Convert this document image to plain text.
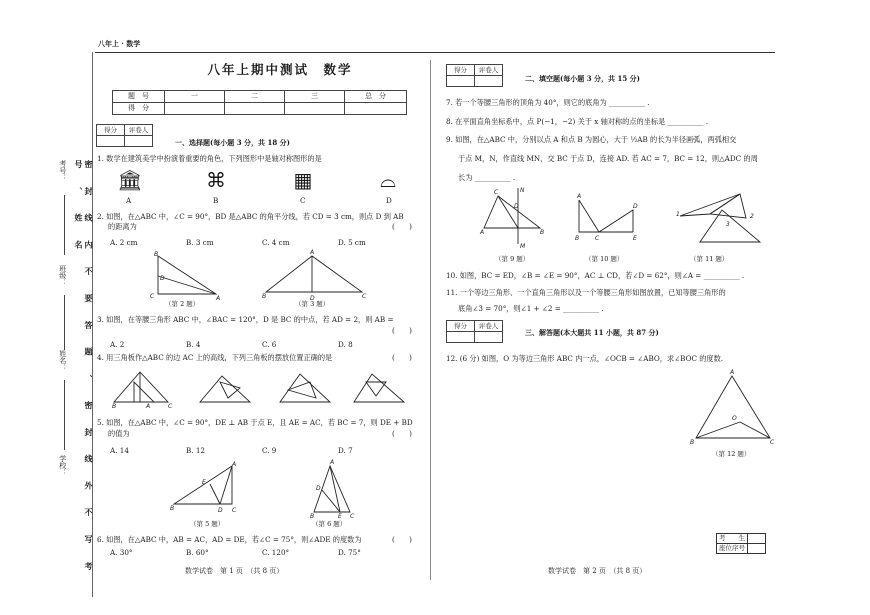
八年上 · 数学
考号：
班级：
姓名：
学校：	密 封 线 内 不 要 答 题 、 密 封 线 外 不 写 考 号 、 姓 名
八年上期中测试　数学
题　号	一	二	三	总　分
得　分				
得分	评卷人

一、选择题(每小题 3 分，共 18 分)
1. 数学在建筑美学中扮演着重要的角色，下列图形中是轴对称图形的是
🏛	⌘	▦	⌓
A	B	C	D
2. 如图，在△ABC 中，∠C = 90°，BD 是△ABC 的角平分线，若 CD = 3 cm，则点 D 到 AB
的距离为	(　　)
A. 2 cm	B. 3 cm	C. 4 cm	D. 5 cm
B
C	A
D
（第 2 题）
A
B	D	C
（第 3 题）
3. 如图，在等腰三角形 ABC 中，∠BAC = 120°，D 是 BC 的中点，若 AD = 2，则 AB =
(　　)
A. 2	B. 4	C. 6	D. 8
4. 用三角板作△ABC 的边 AC 上的高线，下列三角板的摆放位置正确的是	(　　)
B	C
A
5. 如图，在△ABC 中，∠C = 90°，DE ⊥ AB 于点 E，且 AE = AC，若 BC = 7，则 DE + BD
的值为	(　　)
A. 14	B. 12	C. 9	D. 7
A
B	D C
E
（第 5 题）
A
B	E C
D
（第 6 题）
6. 如图，在△ABC 中，AB = AC，AD = DE，若∠C = 75°，则∠ADE 的度数为	(　　)
A. 30°	B. 60°	C. 120°	D. 75°
数学试卷　第 1 页　（共 8 页）
得分	评卷人

二、填空题(每小题 3 分，共 15 分)
7. 若一个等腰三角形的顶角为 40°，则它的底角为 __________ .
8. 在平面直角坐标系中，点 P(−1，−2) 关于 x 轴对称的点的坐标是 __________ .
9. 如图，在△ABC 中，分别以点 A 和点 B 为圆心，大于 ½AB 的长为半径画弧，两弧相交
于点 M，N，作直线 MN，交 BC 于点 D，连接 AD. 若 AC = 7，BC = 12，则△ADC 的周
长为 __________ .
N
C
A	B
M
D
（第 9 题）
A
B	C
D
E
（第 10 题）
1	2
3
（第 11 题）
10. 如图，BC = ED，∠B = ∠E = 90°，AC ⊥ CD，若∠D = 62°，则∠A = __________ .
11. 一个等边三角形、一个直角三角形以及一个等腰三角形如图放置，已知等腰三角形的
底角∠3 = 70°，则∠1 + ∠2 = __________ .
得分	评卷人

三、解答题(本大题共 11 小题，共 87 分)
12. (6 分) 如图，O 为等边三角形 ABC 内一点，∠OCB = ∠ABO，求∠BOC 的度数.
A
B	C
O
（第 12 题）
考　　生	
座位序号	
数学试卷　第 2 页　（共 8 页）
